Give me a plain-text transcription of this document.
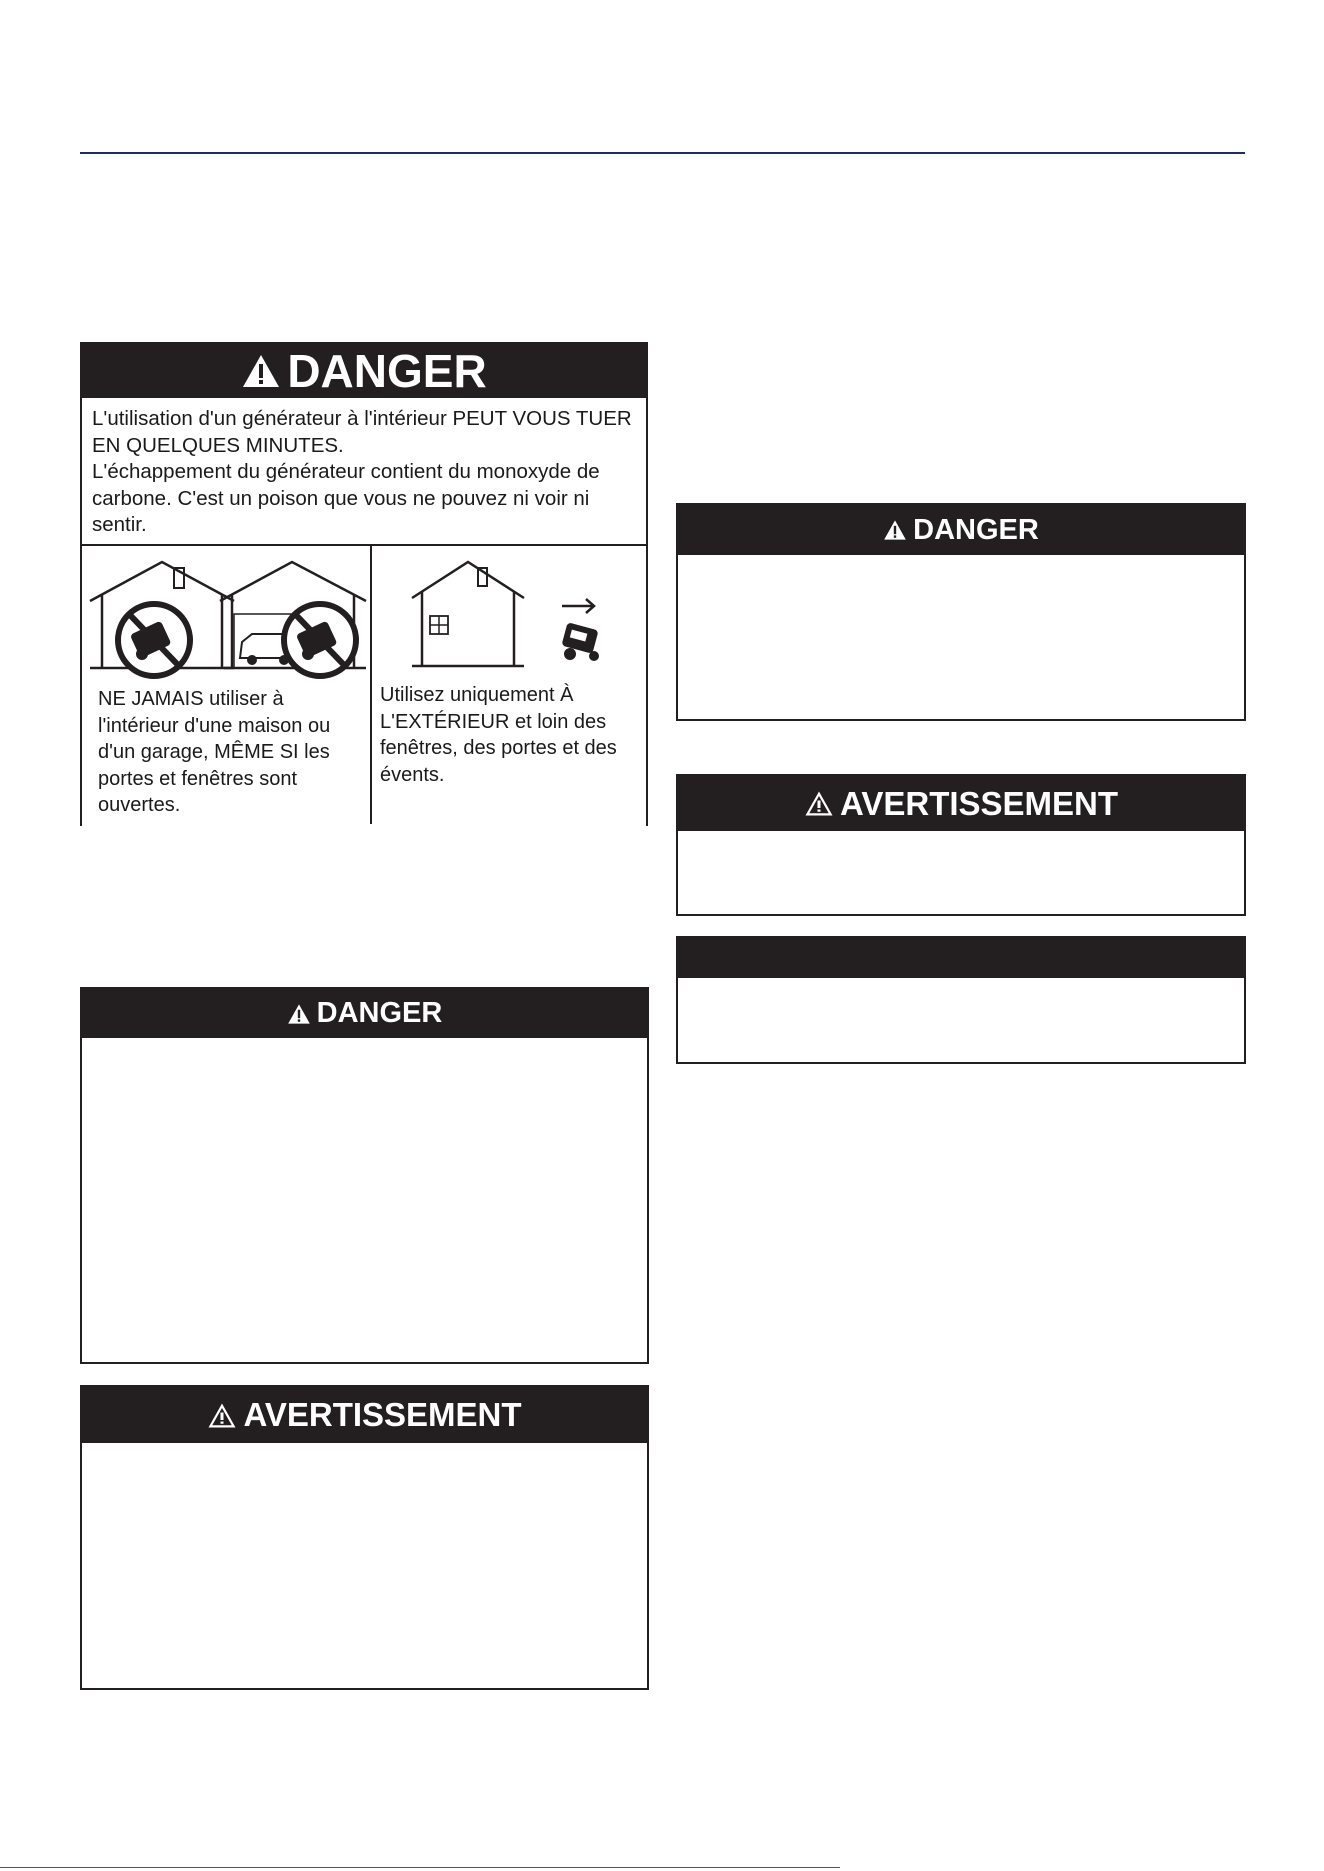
DANGER
L'utilisation d'un générateur à l'intérieur PEUT VOUS TUER EN QUELQUES MINUTES.
L'échappement du générateur contient du monoxyde de carbone. C'est un poison que vous ne pouvez ni voir ni sentir.
NE JAMAIS utiliser à l'intérieur d'une maison ou d'un garage, MÊME SI les portes et fenêtres sont ouvertes.
Utilisez uniquement À L'EXTÉRIEUR et loin des fenêtres, des portes et des évents.
DANGER
AVERTISSEMENT
DANGER
AVERTISSEMENT
